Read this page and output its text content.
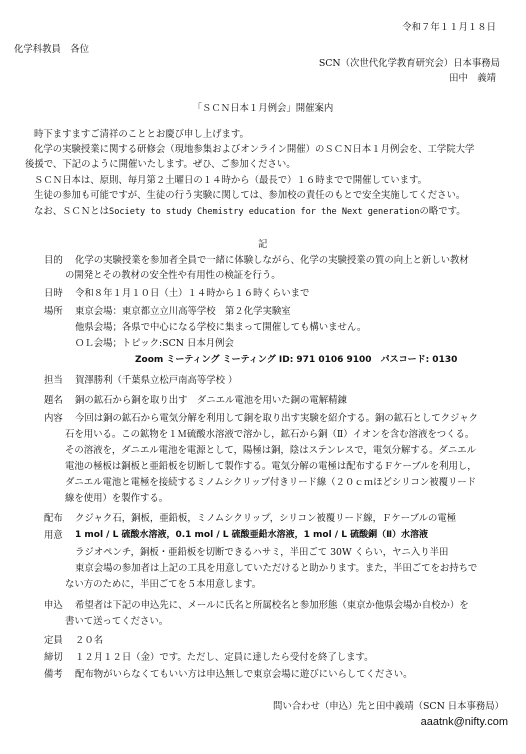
令和７年１１月１８日
化学科教員　各位
SCN（次世代化学教育研究会）日本事務局
田中　義靖
「ＳＣＮ日本１月例会」開催案内
時下ますますご清祥のこととお慶び申し上げます。
化学の実験授業に関する研修会（現地参集およびオンライン開催）のＳＣＮ日本１月例会を、工学院大学
後援で、下記のように開催いたします。ぜひ、ご参加ください。
ＳＣＮ日本は、原則、毎月第２土曜日の１４時から（最長で）１６時までで開催しています。
生徒の参加も可能ですが、生徒の行う実験に関しては、参加校の責任のもとで安全実施してください。
なお、ＳＣＮとはSociety to study Chemistry education for the Next generationの略です。
記
目的 化学の実験授業を参加者全員で一緒に体験しながら、化学の実験授業の質の向上と新しい教材
の開発とその教材の安全性や有用性の検証を行う。
日時 令和８年１月１０日（土）１４時から１６時くらいまで
場所 東京会場：東京都立立川高等学校　第２化学実験室
他県会場；各県で中心になる学校に集まって開催しても構いません。
ＯＬ会場；トピック:SCN 日本月例会
Zoom ミーティング ミーティング ID: 971 0106 9100　パスコード: 0130
担当 賀澤勝利（千葉県立松戸南高等学校 ）
題名 銅の鉱石から銅を取り出す　ダニエル電池を用いた銅の電解精錬
内容 今回は銅の鉱石から電気分解を利用して銅を取り出す実験を紹介する。銅の鉱石としてクジャク
石を用いる。この鉱物を１Ｍ硫酸水溶液で溶かし，鉱石から銅（Ⅱ）イオンを含む溶液をつくる。
その溶液を，ダニエル電池を電源として，陽極は銅，陰はステンレスで，電気分解する。ダニエル
電池の極板は銅板と亜鉛板を切断して製作する。電気分解の電極は配布するＦケーブルを利用し，
ダニエル電池と電極を接続するミノムシクリップ付きリード線（２０ｃｍほどシリコン被覆リード
線を使用）を製作する。
配布 クジャク石，銅板，亜鉛板，ミノムシクリップ，シリコン被覆リード線，Ｆケーブルの電極
用意 1 mol / L 硫酸水溶液，0.1 mol / L 硫酸亜鉛水溶液，1 mol / L 硫酸銅（Ⅱ）水溶液
ラジオペンチ，銅板・亜鉛板を切断できるハサミ，半田ごて 30W くらい，ヤニ入り半田
東京会場の参加者は上記の工具を用意していただけると助かります。また，半田ごてをお持ちで
ない方のために，半田ごてを５本用意します。
申込 希望者は下記の申込先に、メールに氏名と所属校名と参加形態（東京か他県会場か自校か）を
書いて送ってください。
定員 ２０名
締切 １２月１２日（金）です。ただし、定員に達したら受付を終了します。
備考 配布物がいらなくてもいい方は申込無しで東京会場に遊びにいらしてください。
問い合わせ（申込）先と田中義靖（SCN 日本事務局）
aaatnk@nifty.com
